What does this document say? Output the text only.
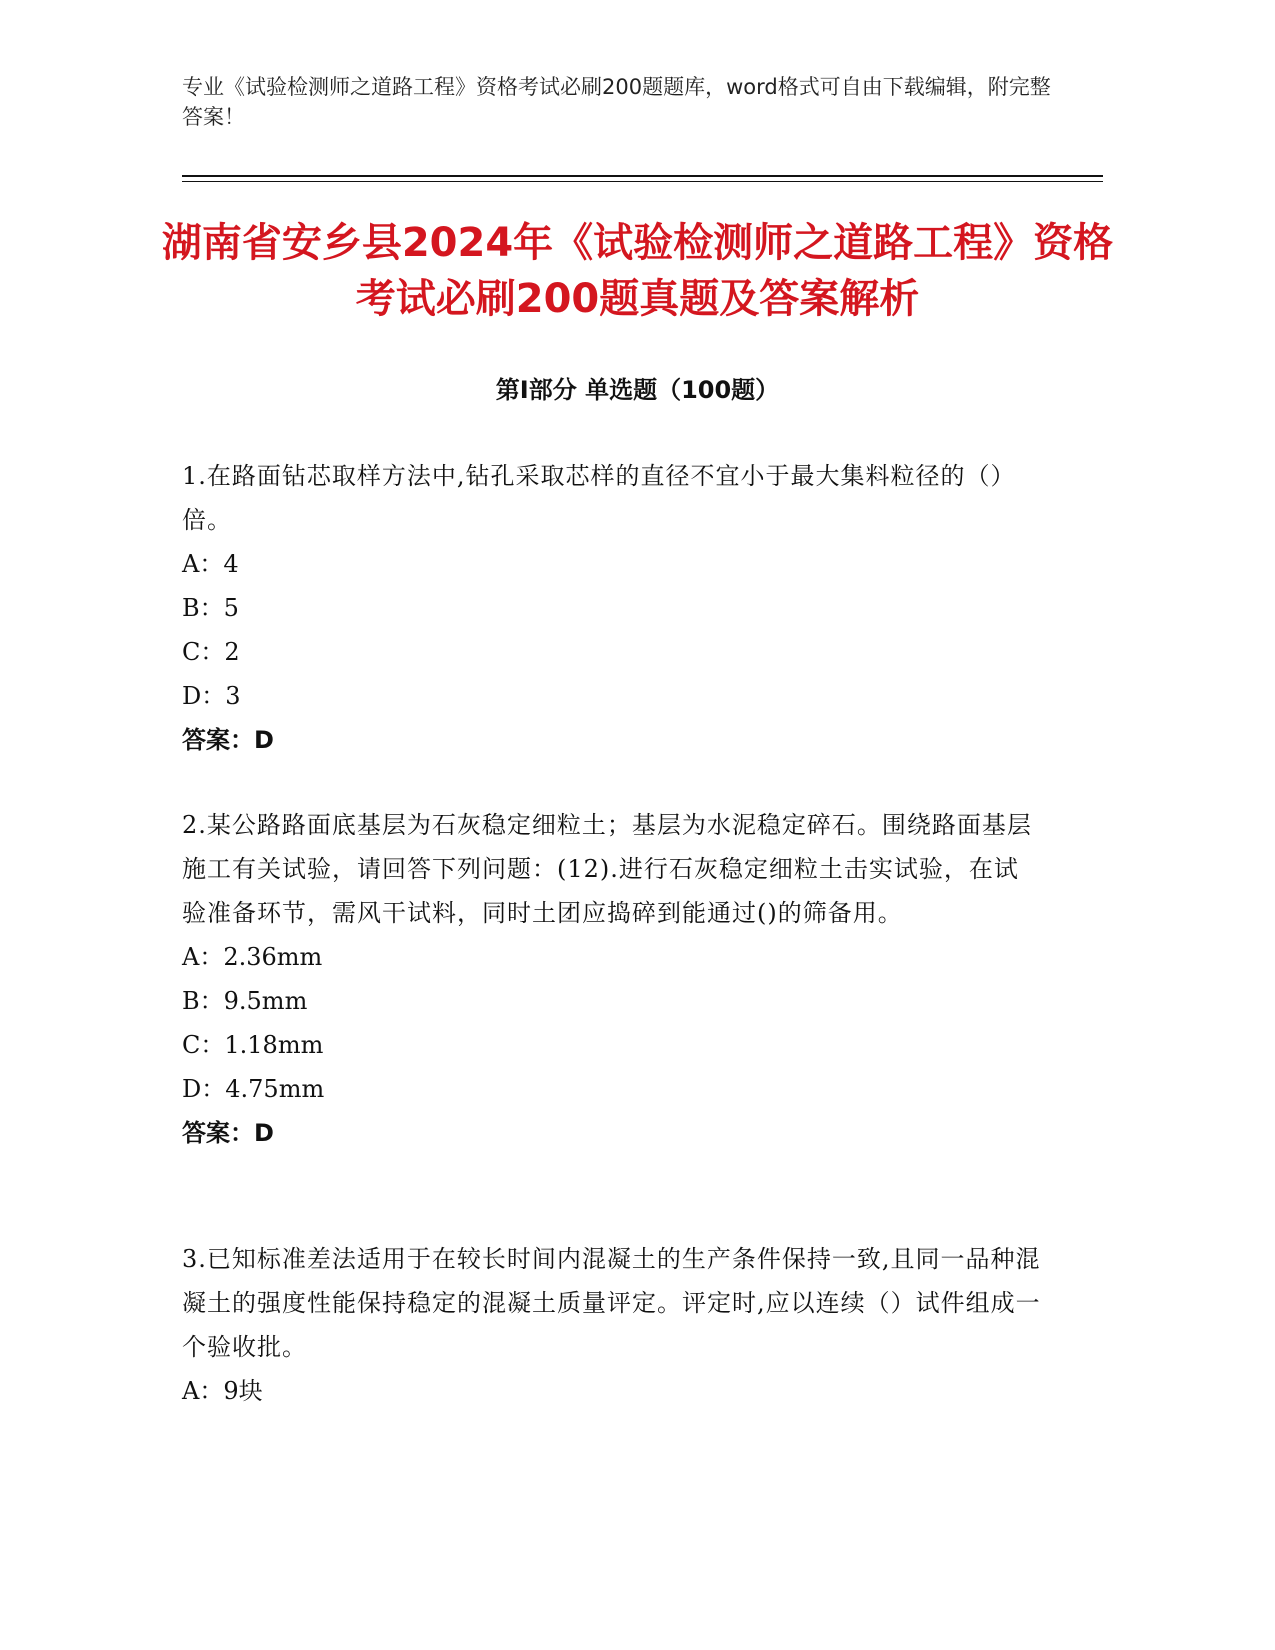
专业《试验检测师之道路工程》资格考试必刷200题题库，word格式可自由下载编辑，附完整答案！
湖南省安乡县2024年《试验检测师之道路工程》资格考试必刷200题真题及答案解析
第Ⅰ部分 单选题（100题）

1.在路面钻芯取样方法中,钻孔采取芯样的直径不宜小于最大集料粒径的（）倍。

A：4
B：5
C：2
D：3
答案：D

2.某公路路面底基层为石灰稳定细粒土；基层为水泥稳定碎石。围绕路面基层施工有关试验，请回答下列问题：(12).进行石灰稳定细粒土击实试验，在试验准备环节，需风干试料，同时土团应捣碎到能通过()的筛备用。

A：2.36mm
B：9.5mm
C：1.18mm
D：4.75mm
答案：D

3.已知标准差法适用于在较长时间内混凝土的生产条件保持一致,且同一品种混凝土的强度性能保持稳定的混凝土质量评定。评定时,应以连续（）试件组成一个验收批。

A：9块
